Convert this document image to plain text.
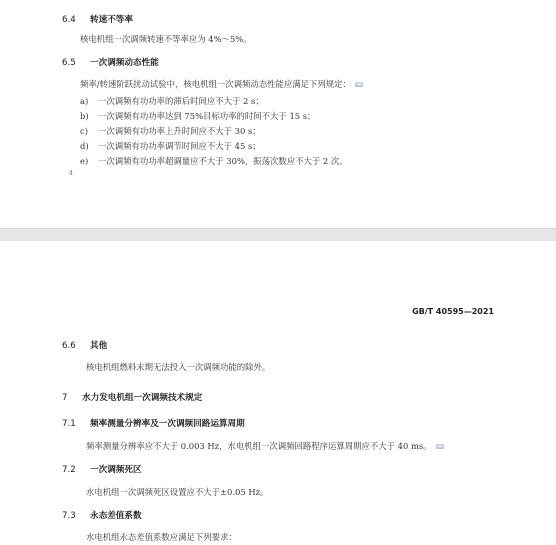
6.4 转速不等率
核电机组一次调频转速不等率应为 4%～5%。
6.5 一次调频动态性能
频率/转速阶跃扰动试验中，核电机组一次调频动态性能应满足下列规定：
a) 一次调频有功功率的滞后时间应不大于 2 s；
b) 一次调频有功功率达到 75%目标功率的时间不大于 15 s；
c) 一次调频有功功率上升时间应不大于 30 s；
d) 一次调频有功功率调节时间应不大于 45 s；
e) 一次调频有功功率超调量应不大于 30%，振荡次数应不大于 2 次。
4
GB/T 40595—2021
6.6 其他
核电机组燃料末期无法投入一次调频功能的除外。
7 水力发电机组一次调频技术规定
7.1 频率测量分辨率及一次调频回路运算周期
频率测量分辨率应不大于 0.003 Hz，水电机组一次调频回路程序运算周期应不大于 40 ms。
7.2 一次调频死区
水电机组一次调频死区设置应不大于±0.05 Hz。
7.3 永态差值系数
水电机组永态差值系数应满足下列要求：
